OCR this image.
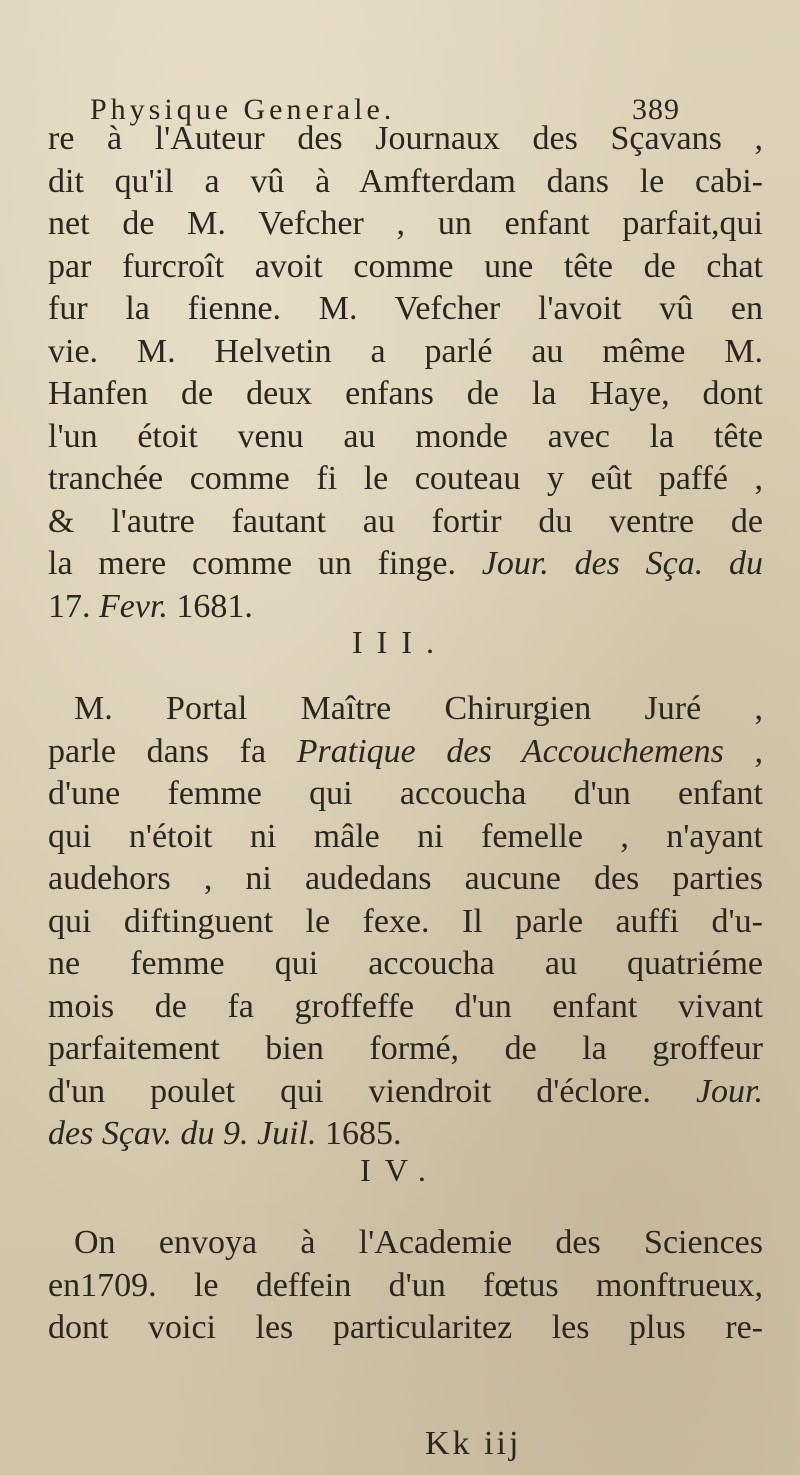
Physique Generale.	389
re à l'Auteur des Journaux des Sçavans ,
dit qu'il a vû à Amfterdam dans le cabi-
net de M. Vefcher , un enfant parfait,qui
par furcroît avoit comme une tête de chat
fur la fienne. M. Vefcher l'avoit vû en
vie. M. Helvetin a parlé au même M.
Hanfen de deux enfans de la Haye, dont
l'un étoit venu au monde avec la tête
tranchée comme fi le couteau y eût paffé ,
& l'autre fautant au fortir du ventre de
la mere comme un finge. Jour. des Sça. du
17. Fevr. 1681.
III.
M. Portal Maître Chirurgien Juré ,
parle dans fa Pratique des Accouchemens ,
d'une femme qui accoucha d'un enfant
qui n'étoit ni mâle ni femelle , n'ayant
audehors , ni audedans aucune des parties
qui diftinguent le fexe. Il parle auffi d'u-
ne femme qui accoucha au quatriéme
mois de fa groffeffe d'un enfant vivant
parfaitement bien formé, de la groffeur
d'un poulet qui viendroit d'éclore. Jour.
des Sçav. du 9. Juil. 1685.
IV.
On envoya à l'Academie des Sciences
en1709. le deffein d'un fœtus monftrueux,
dont voici les particularitez les plus re-
Kk iij
